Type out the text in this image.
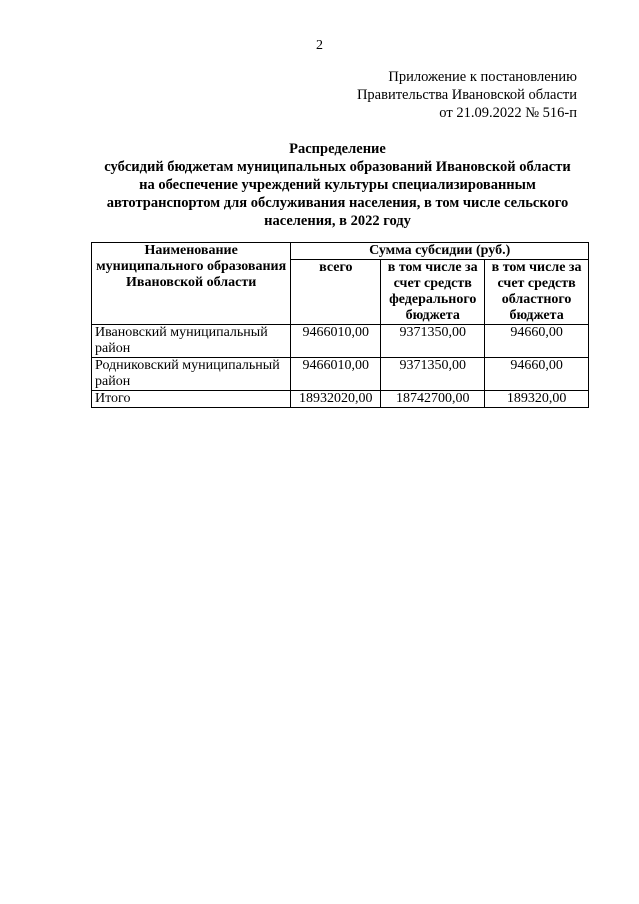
2
Приложение к постановлению
Правительства Ивановской области
от 21.09.2022 № 516-п
Распределение
субсидий бюджетам муниципальных образований Ивановской области
на обеспечение учреждений культуры специализированным
автотранспортом для обслуживания населения, в том числе сельского
населения, в 2022 году
Наименование муниципального образования Ивановской области	Сумма субсидии (руб.)		
	всего	в том числе за счет средств федерального бюджета	в том числе за счет средств областного бюджета
Ивановский муниципальный район	9466010,00	9371350,00	94660,00
Родниковский муниципальный район	9466010,00	9371350,00	94660,00
Итого	18932020,00	18742700,00	189320,00
